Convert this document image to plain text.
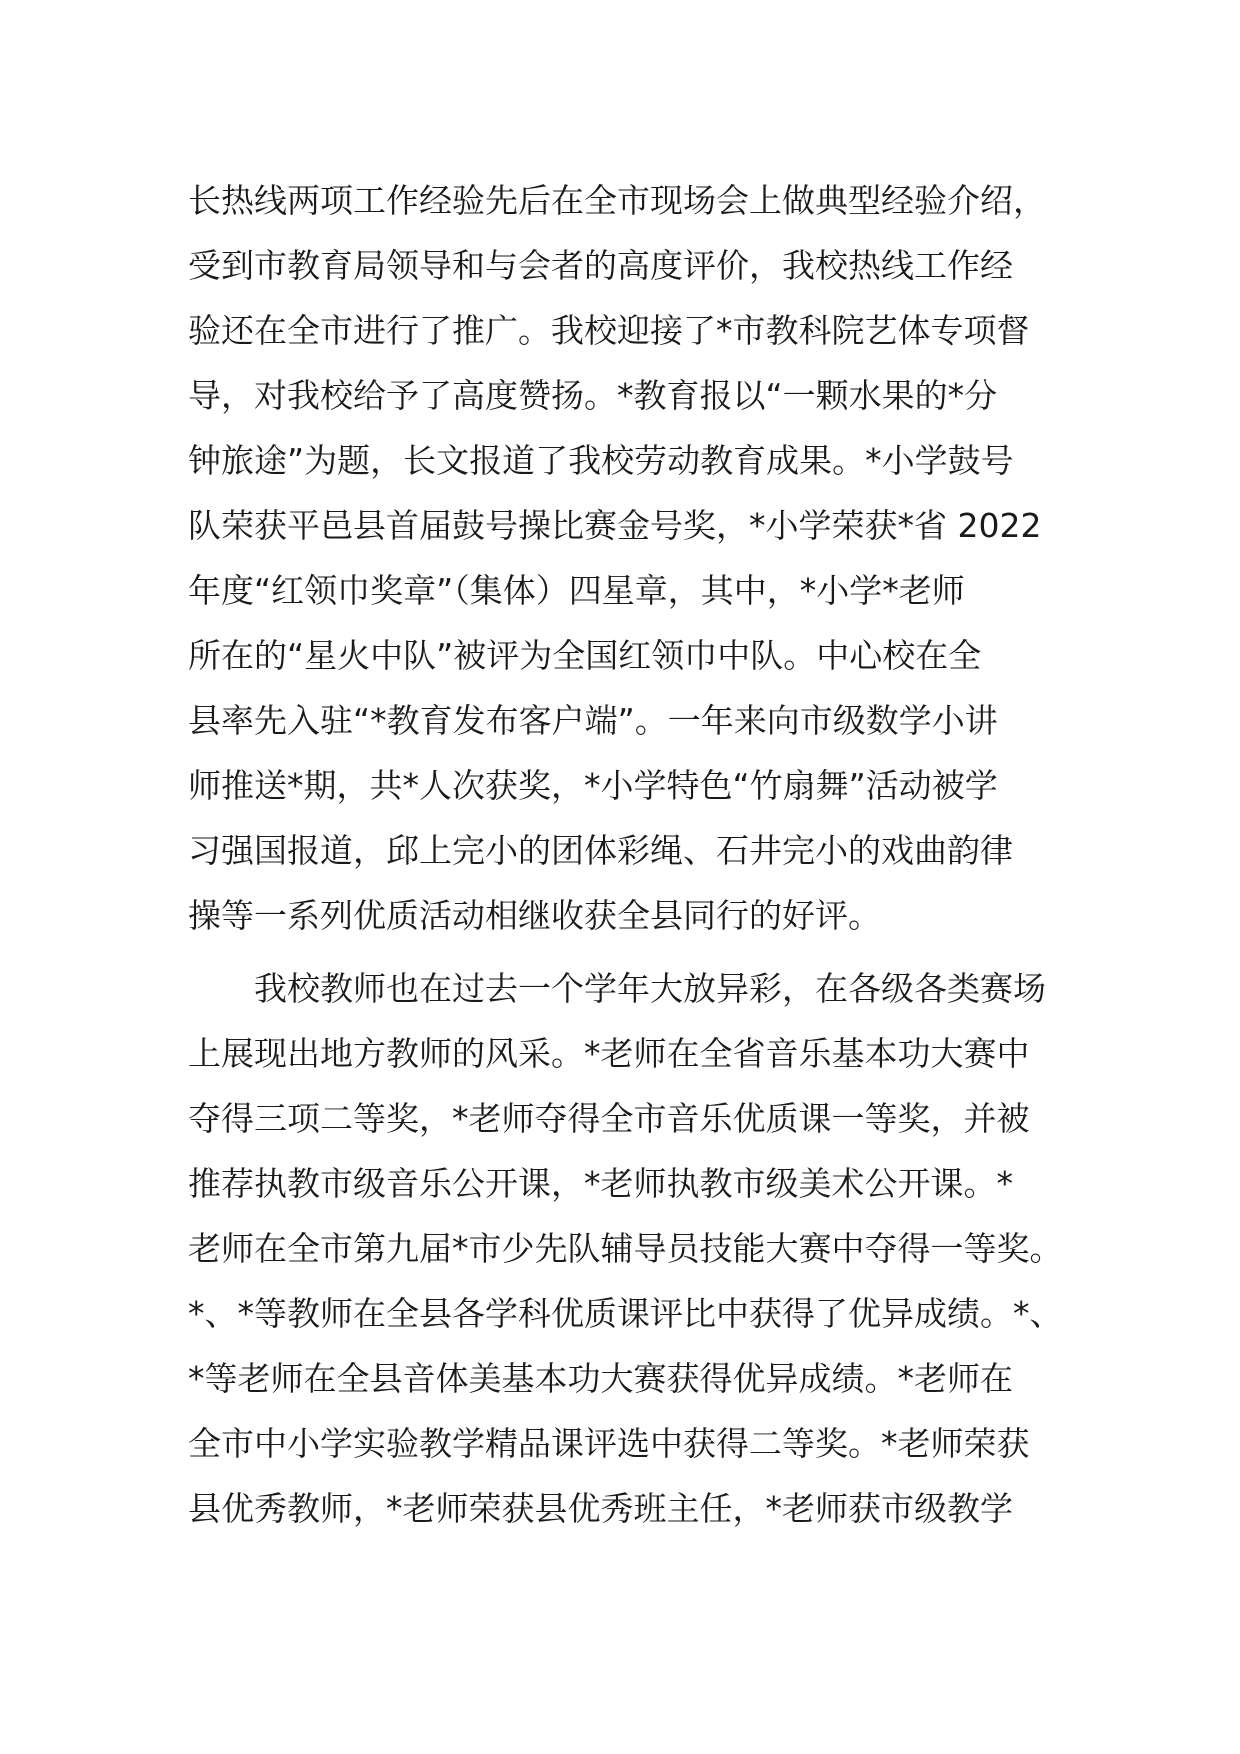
长热线两项工作经验先后在全市现场会上做典型经验介绍，
受到市教育局领导和与会者的高度评价，我校热线工作经
验还在全市进行了推广。我校迎接了*市教科院艺体专项督
导，对我校给予了高度赞扬。*教育报以“一颗水果的*分
钟旅途”为题，长文报道了我校劳动教育成果。*小学鼓号
队荣获平邑县首届鼓号操比赛金号奖，*小学荣获*省 2022
年度“红领巾奖章”（集体）四星章，其中，*小学*老师
所在的“星火中队”被评为全国红领巾中队。中心校在全
县率先入驻“*教育发布客户端”。一年来向市级数学小讲
师推送*期，共*人次获奖，*小学特色“竹扇舞”活动被学
习强国报道，邱上完小的团体彩绳、石井完小的戏曲韵律
操等一系列优质活动相继收获全县同行的好评。
　　我校教师也在过去一个学年大放异彩，在各级各类赛场
上展现出地方教师的风采。*老师在全省音乐基本功大赛中
夺得三项二等奖，*老师夺得全市音乐优质课一等奖，并被
推荐执教市级音乐公开课，*老师执教市级美术公开课。*
老师在全市第九届*市少先队辅导员技能大赛中夺得一等奖。
*、*等教师在全县各学科优质课评比中获得了优异成绩。*、
*等老师在全县音体美基本功大赛获得优异成绩。*老师在
全市中小学实验教学精品课评选中获得二等奖。*老师荣获
县优秀教师，*老师荣获县优秀班主任，*老师获市级教学
